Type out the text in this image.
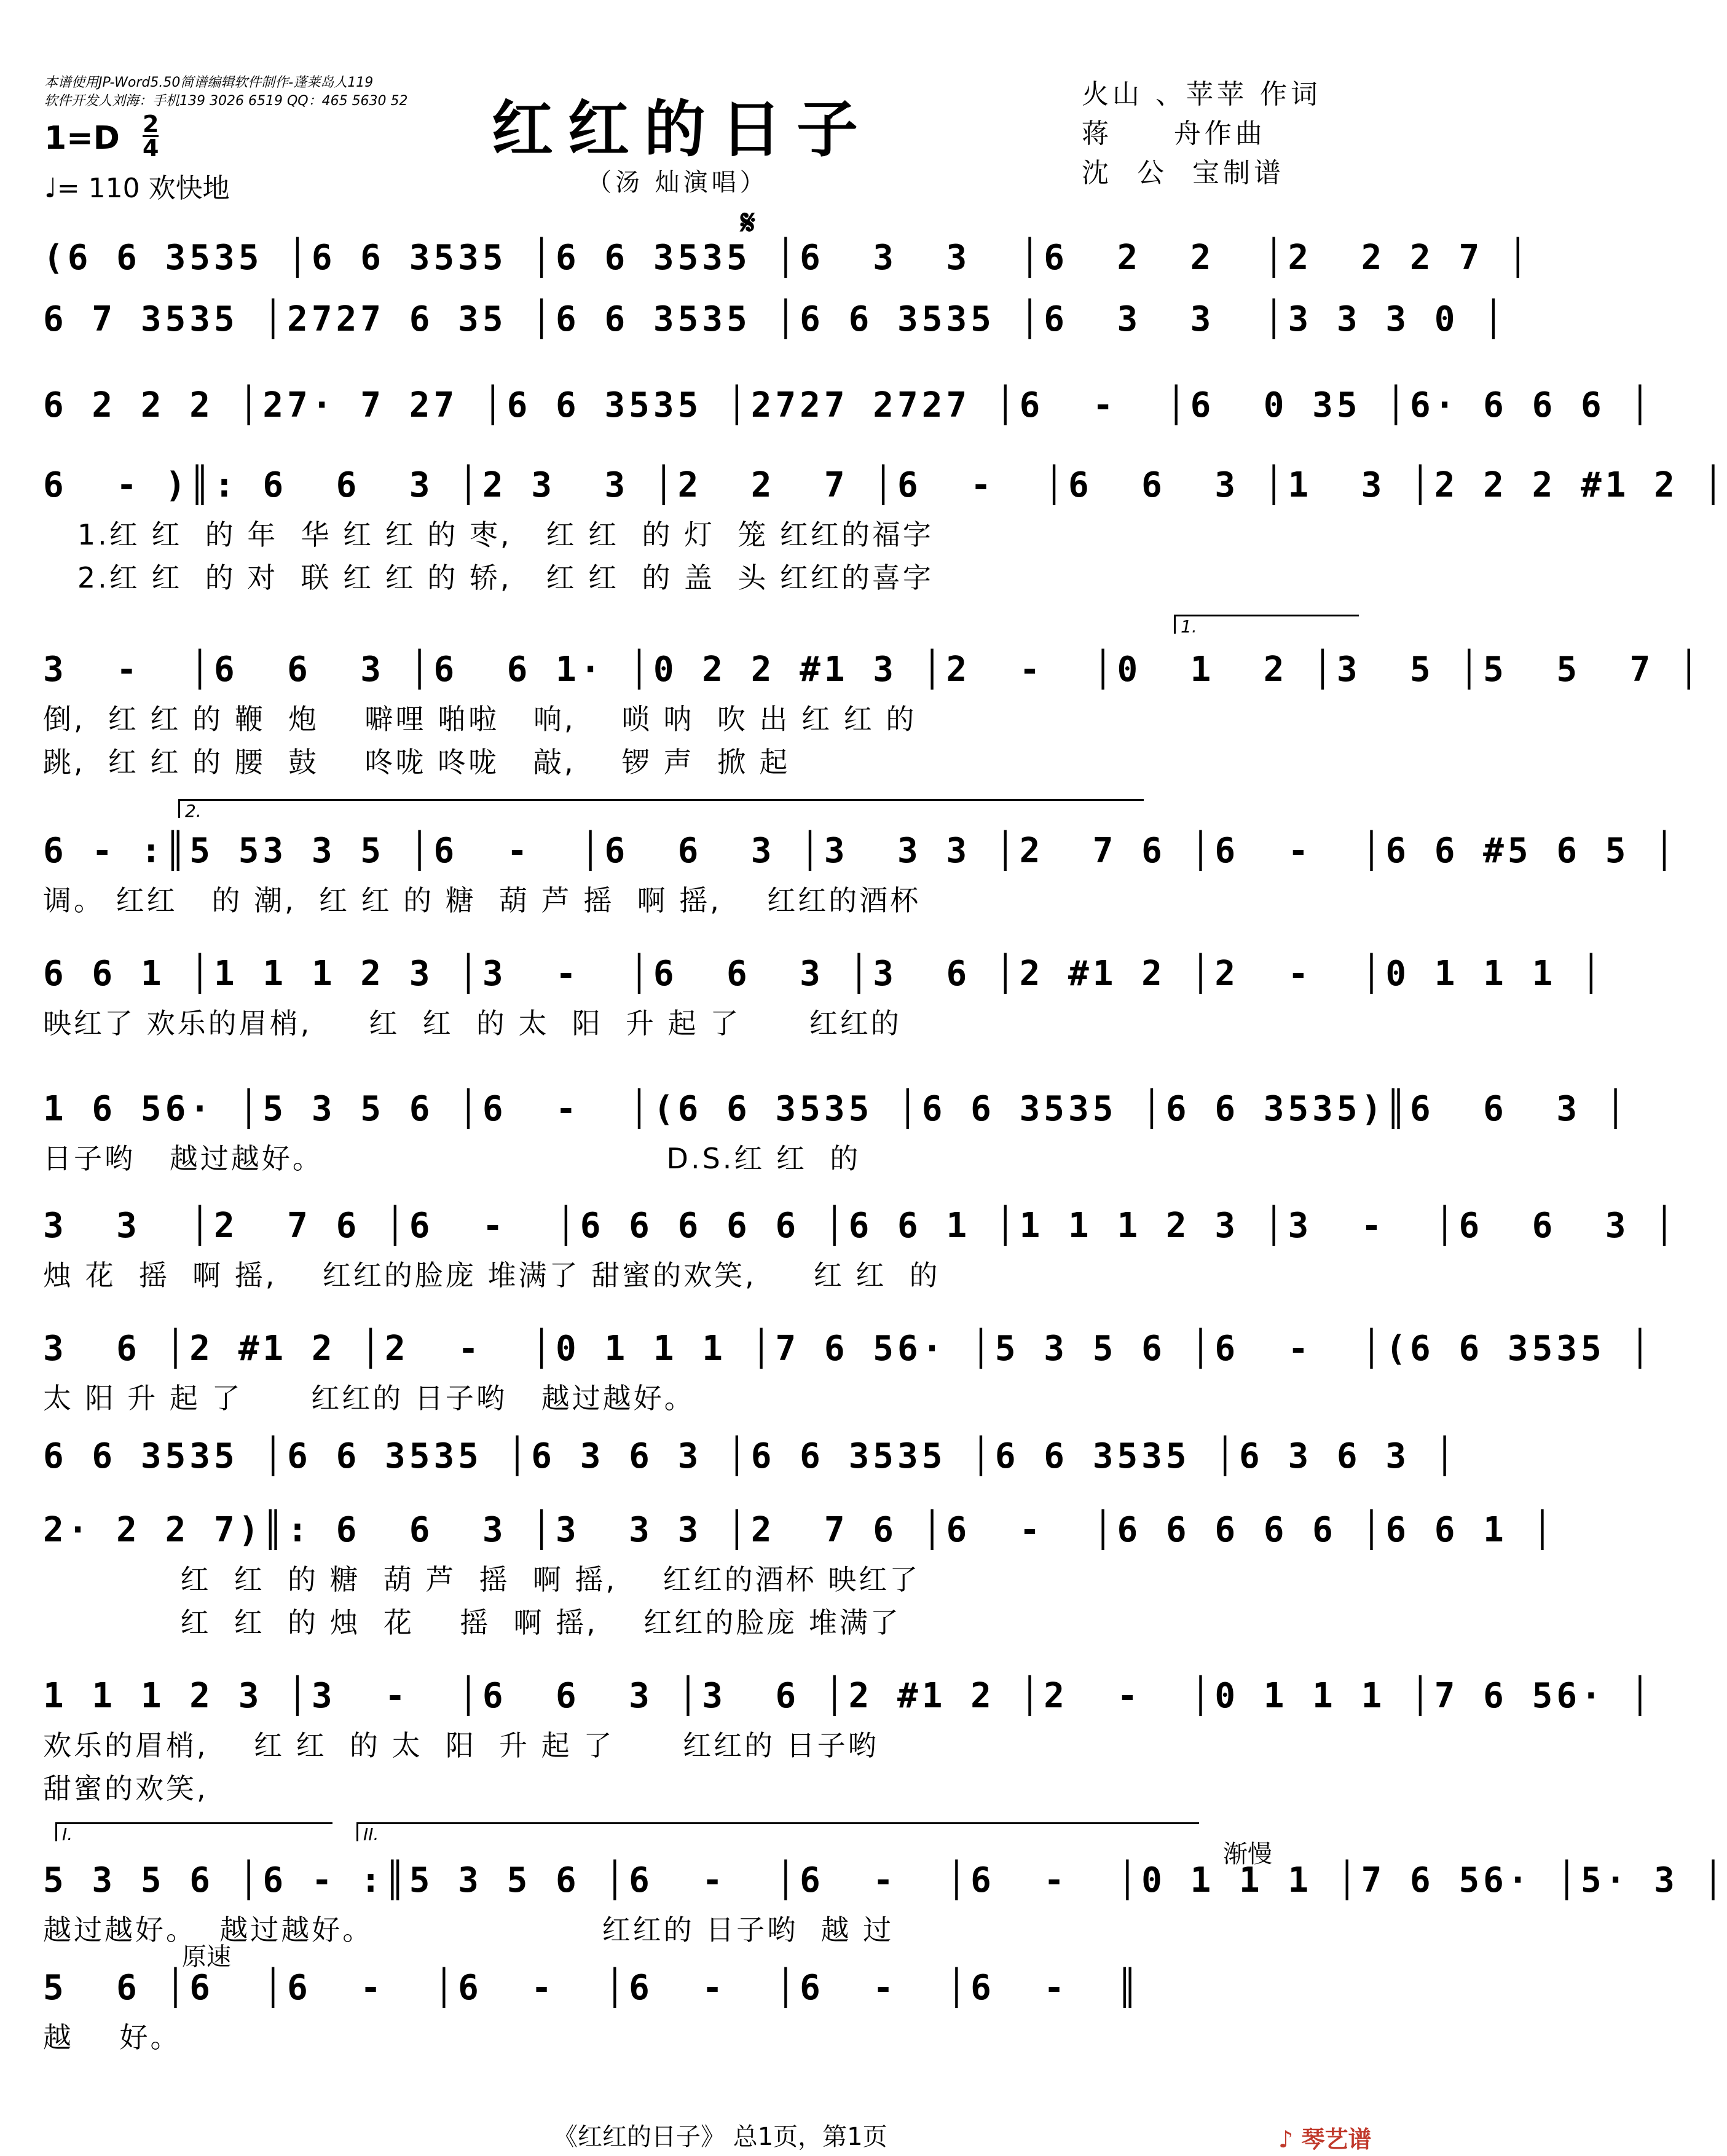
本谱使用JP-Word5.50简谱编辑软件制作-蓬莱岛人119
软件开发人刘海：手机139 3026 6519 QQ：465 5630 52
1=D 2
4
♩= 110 欢快地
红红的日子
（汤 灿演唱）
火山 、苹苹 作词
蒋     舟作曲
沈  公  宝制谱
𝄋
(6 6 3535 │6 6 3535 │6 6 3535 │6  3  3  │6  2  2  │2  2 2 7 │
6 7 3535 │2727 6 35 │6 6 3535 │6 6 3535 │6  3  3  │3 3 3 0 │
6 2 2 2 │27· 7 27 │6 6 3535 │2727 2727 │6  -  │6  0 35 │6· 6 6 6 │
6  - )║: 6  6  3 │2 3  3 │2  2  7 │6  -  │6  6  3 │1  3 │2 2 2 #1 2 │
1.红 红  的 年  华 红 红 的 枣,   红 红  的 灯  笼 红红的福字
2.红 红  的 对  联 红 红 的 轿,   红 红  的 盖  头 红红的喜字
1.
3  -  │6  6  3 │6  6 1· │0 2 2 #1 3 │2  -  │0  1  2 │3  5 │5  5  7 │
倒,  红 红 的 鞭  炮    噼哩 啪啦   响,    唢 呐  吹 出 红 红 的
跳,  红 红 的 腰  鼓    咚咙 咚咙   敲,    锣 声  掀 起
2.
6 - :║5 53 3 5 │6  -  │6  6  3 │3  3 3 │2  7 6 │6  -  │6 6 #5 6 5 │
调。 红红   的 潮,  红 红 的 糖  葫 芦 摇  啊 摇,    红红的酒杯
6 6 1 │1 1 1 2 3 │3  -  │6  6  3 │3  6 │2 #1 2 │2  -  │0 1 1 1 │
映红了 欢乐的眉梢,     红  红  的 太  阳  升 起 了      红红的
1 6 56· │5 3 5 6 │6  -  │(6 6 3535 │6 6 3535 │6 6 3535)║6  6  3 │
日子哟   越过越好。                              D.S.红 红  的
3  3  │2  7 6 │6  -  │6 6 6 6 6 │6 6 1 │1 1 1 2 3 │3  -  │6  6  3 │
烛 花  摇  啊 摇,    红红的脸庞 堆满了 甜蜜的欢笑,     红 红  的
3  6 │2 #1 2 │2  -  │0 1 1 1 │7 6 56· │5 3 5 6 │6  -  │(6 6 3535 │
太 阳 升 起 了      红红的 日子哟   越过越好。
6 6 3535 │6 6 3535 │6 3 6 3 │6 6 3535 │6 6 3535 │6 3 6 3 │
2· 2 2 7)║: 6  6  3 │3  3 3 │2  7 6 │6  -  │6 6 6 6 6 │6 6 1 │
红  红  的 糖  葫 芦  摇  啊 摇,    红红的酒杯 映红了
红  红  的 烛  花    摇  啊 摇,    红红的脸庞 堆满了
1 1 1 2 3 │3  -  │6  6  3 │3  6 │2 #1 2 │2  -  │0 1 1 1 │7 6 56· │
欢乐的眉梢,    红 红  的 太  阳  升 起 了      红红的 日子哟
甜蜜的欢笑,
I.	II.
渐慢
5 3 5 6 │6 - :║5 3 5 6 │6  -  │6  -  │6  -  │0 1 1 1 │7 6 56· │5· 3 │
越过越好。  越过越好。                    红红的 日子哟  越 过
原速
5  6 │6  │6  -  │6  -  │6  -  │6  -  │6  -  ║
越    好。
《红红的日子》 总1页，第1页	♪ 琴艺谱
